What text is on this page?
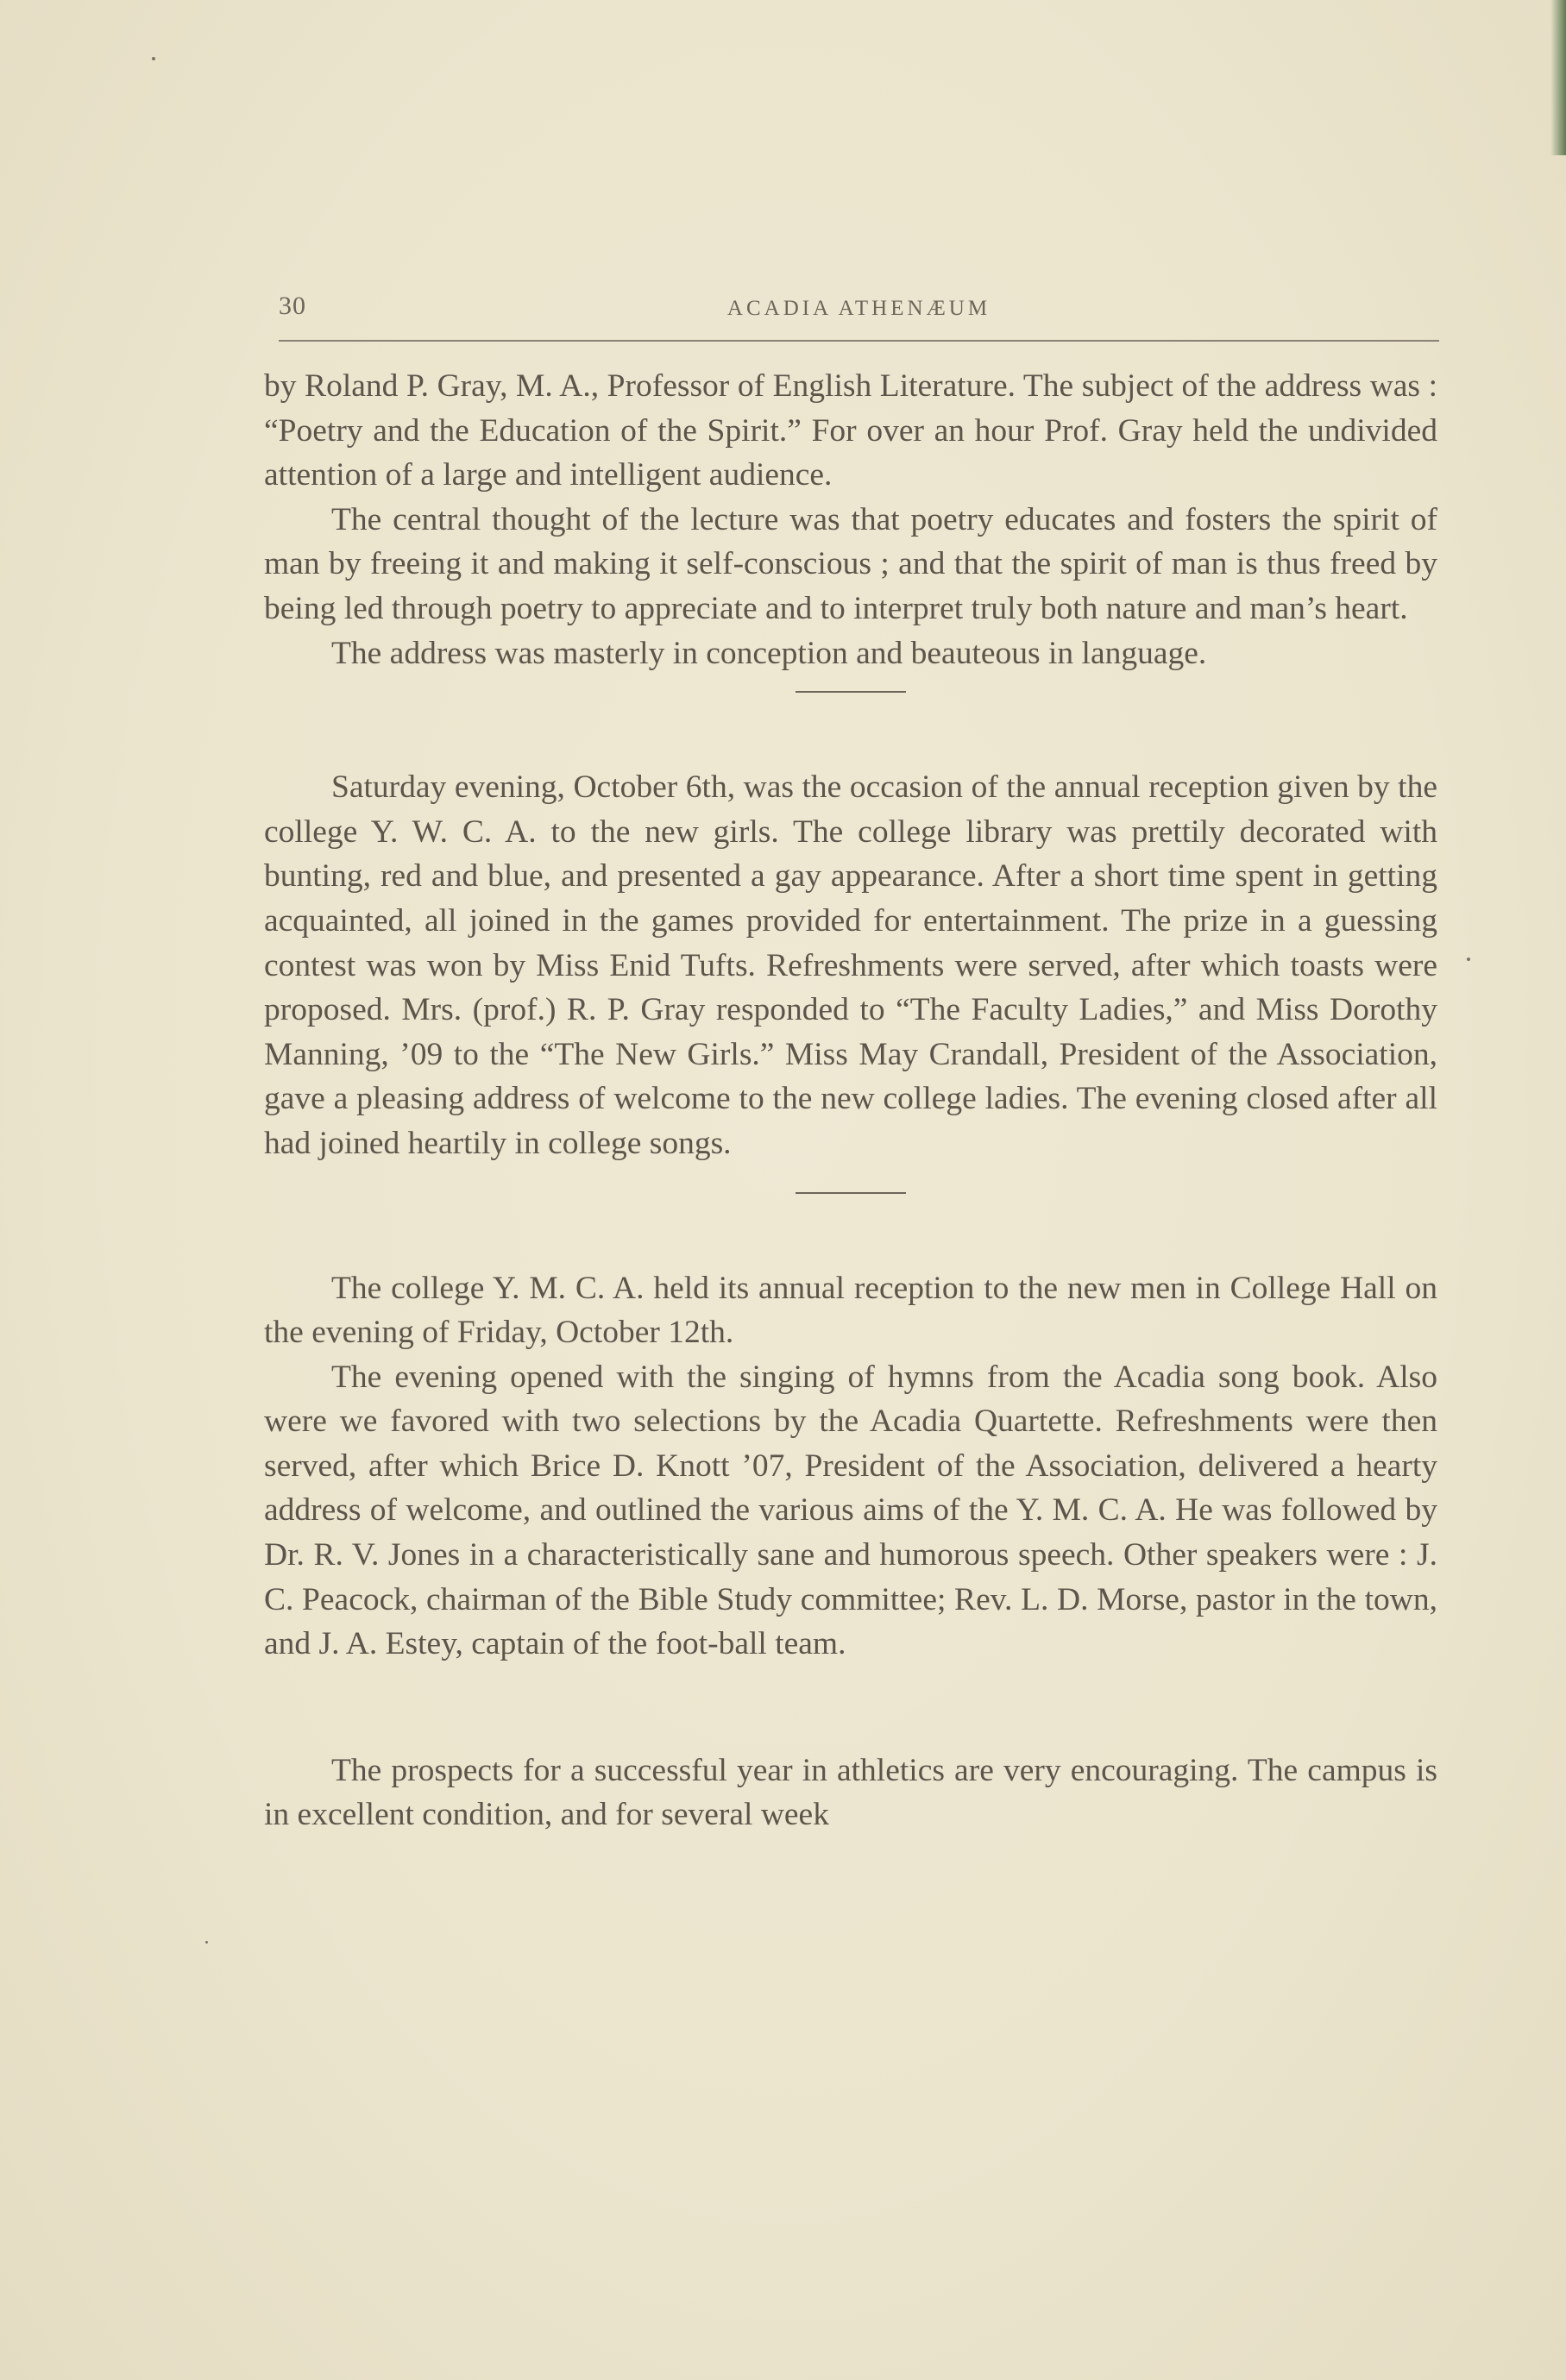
30	ACADIA ATHENÆUM

by Roland P. Gray, M. A., Professor of English Literature. The subject of the address was : “Poetry and the Education of the Spirit.” For over an hour Prof. Gray held the undivided attention of a large and intelligent audience.

The central thought of the lecture was that poetry educates and fosters the spirit of man by freeing it and making it self-conscious ; and that the spirit of man is thus freed by being led through poetry to appreciate and to interpret truly both nature and man’s heart.

The address was masterly in conception and beauteous in language.

Saturday evening, October 6th, was the occasion of the annual reception given by the college Y. W. C. A. to the new girls. The college library was prettily decorated with bunting, red and blue, and presented a gay appearance. After a short time spent in getting acquainted, all joined in the games provided for entertainment. The prize in a guessing contest was won by Miss Enid Tufts. Refreshments were served, after which toasts were proposed. Mrs. (prof.) R. P. Gray responded to “The Faculty Ladies,” and Miss Dorothy Manning, ’09 to the “The New Girls.” Miss May Crandall, President of the Association, gave a pleasing address of welcome to the new college ladies. The evening closed after all had joined heartily in college songs.

The college Y. M. C. A. held its annual reception to the new men in College Hall on the evening of Friday, October 12th.

The evening opened with the singing of hymns from the Acadia song book. Also were we favored with two selections by the Acadia Quartette. Refreshments were then served, after which Brice D. Knott ’07, President of the Association, delivered a hearty address of welcome, and outlined the various aims of the Y. M. C. A. He was followed by Dr. R. V. Jones in a characteristically sane and humorous speech. Other speakers were : J. C. Peacock, chairman of the Bible Study committee; Rev. L. D. Morse, pastor in the town, and J. A. Estey, captain of the foot-ball team.

The prospects for a successful year in athletics are very encouraging. The campus is in excellent condition, and for several week
